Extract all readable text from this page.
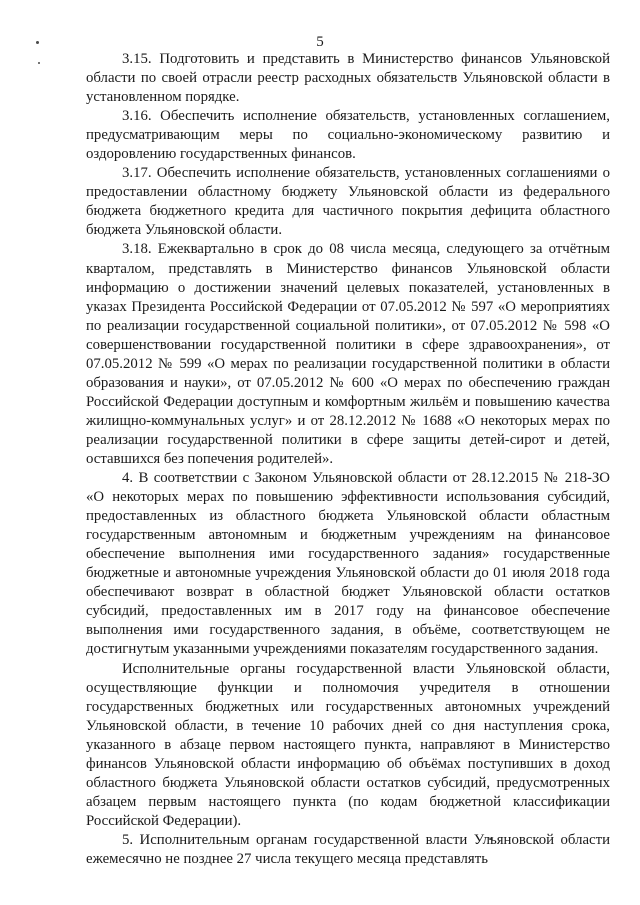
5

3.15. Подготовить и представить в Министерство финансов Ульяновской области по своей отрасли реестр расходных обязательств Ульяновской области в установленном порядке.

3.16. Обеспечить исполнение обязательств, установленных соглашением, предусматривающим меры по социально-экономическому развитию и оздоровлению государственных финансов.

3.17. Обеспечить исполнение обязательств, установленных соглашениями о предоставлении областному бюджету Ульяновской области из федерального бюджета бюджетного кредита для частичного покрытия дефицита областного бюджета Ульяновской области.

3.18. Ежеквартально в срок до 08 числа месяца, следующего за отчётным кварталом, представлять в Министерство финансов Ульяновской области информацию о достижении значений целевых показателей, установленных в указах Президента Российской Федерации от 07.05.2012 № 597 «О мероприятиях по реализации государственной социальной политики», от 07.05.2012 № 598 «О совершенствовании государственной политики в сфере здравоохранения», от 07.05.2012 № 599 «О мерах по реализации государственной политики в области образования и науки», от 07.05.2012 № 600 «О мерах по обеспечению граждан Российской Федерации доступным и комфортным жильём и повышению качества жилищно-коммунальных услуг» и от 28.12.2012 № 1688 «О некоторых мерах по реализации государственной политики в сфере защиты детей-сирот и детей, оставшихся без попечения родителей».

4. В соответствии с Законом Ульяновской области от 28.12.2015 № 218-ЗО «О некоторых мерах по повышению эффективности использования субсидий, предоставленных из областного бюджета Ульяновской области областным государственным автономным и бюджетным учреждениям на финансовое обеспечение выполнения ими государственного задания» государственные бюджетные и автономные учреждения Ульяновской области до 01 июля 2018 года обеспечивают возврат в областной бюджет Ульяновской области остатков субсидий, предоставленных им в 2017 году на финансовое обеспечение выполнения ими государственного задания, в объёме, соответствующем не достигнутым указанными учреждениями показателям государственного задания.

Исполнительные органы государственной власти Ульяновской области, осуществляющие функции и полномочия учредителя в отношении государственных бюджетных или государственных автономных учреждений Ульяновской области, в течение 10 рабочих дней со дня наступления срока, указанного в абзаце первом настоящего пункта, направляют в Министерство финансов Ульяновской области информацию об объёмах поступивших в доход областного бюджета Ульяновской области остатков субсидий, предусмотренных абзацем первым настоящего пункта (по кодам бюджетной классификации Российской Федерации).

5. Исполнительным органам государственной власти Ульяновской области ежемесячно не позднее 27 числа текущего месяца представлять
